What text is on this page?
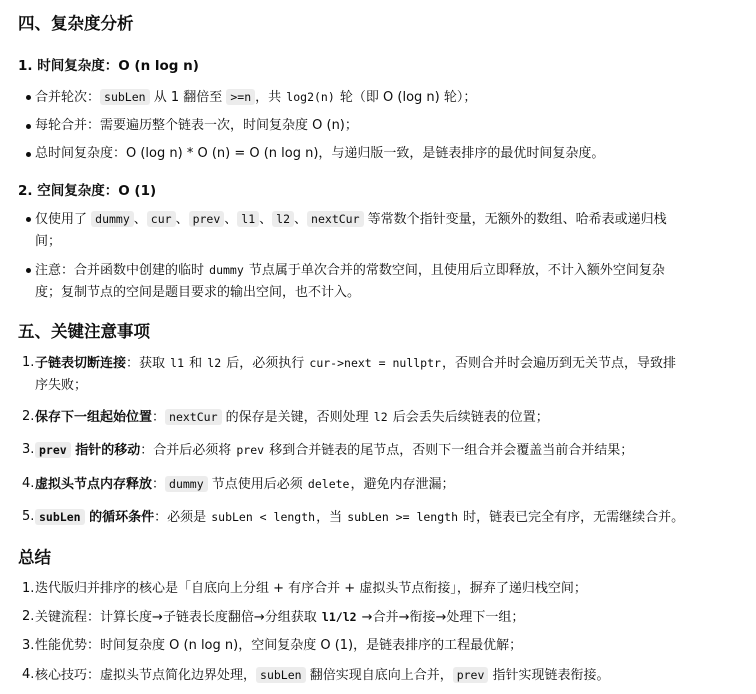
四、复杂度分析
1. 时间复杂度：O (n log n)
合并轮次： subLen 从 1 翻倍至 >=n ，共 log2(n) 轮（即 O (log n) 轮）；
每轮合并：需要遍历整个链表一次，时间复杂度 O (n)；
总时间复杂度：O (log n) * O (n) = O (n log n)，与递归版一致，是链表排序的最优时间复杂度。
2. 空间复杂度：O (1)
仅使用了 dummy 、 cur 、 prev 、 l1 、 l2 、 nextCur 等常数个指针变量，无额外的数组、哈希表或递归栈
间；
注意：合并函数中创建的临时 dummy 节点属于单次合并的常数空间，且使用后立即释放，不计入额外空间复杂
度；复制节点的空间是题目要求的输出空间，也不计入。
五、关键注意事项
1. 子链表切断连接：获取 l1 和 l2 后，必须执行 cur->next = nullptr，否则合并时会遍历到无关节点，导致排
序失败；
2. 保存下一组起始位置： nextCur 的保存是关键，否则处理 l2 后会丢失后续链表的位置；
3. prev 指针的移动：合并后必须将 prev 移到合并链表的尾节点，否则下一组合并会覆盖当前合并结果；
4. 虚拟头节点内存释放： dummy 节点使用后必须 delete，避免内存泄漏；
5. subLen 的循环条件：必须是 subLen < length，当 subLen >= length 时，链表已完全有序，无需继续合并。
总结
1. 迭代版归并排序的核心是「自底向上分组 + 有序合并 + 虚拟头节点衔接」，摒弃了递归栈空间；
2. 关键流程：计算长度→子链表长度翻倍→分组获取 l1/l2 →合并→衔接→处理下一组；
3. 性能优势：时间复杂度 O (n log n)，空间复杂度 O (1)，是链表排序的工程最优解；
4. 核心技巧：虚拟头节点简化边界处理， subLen 翻倍实现自底向上合并， prev 指针实现链表衔接。
